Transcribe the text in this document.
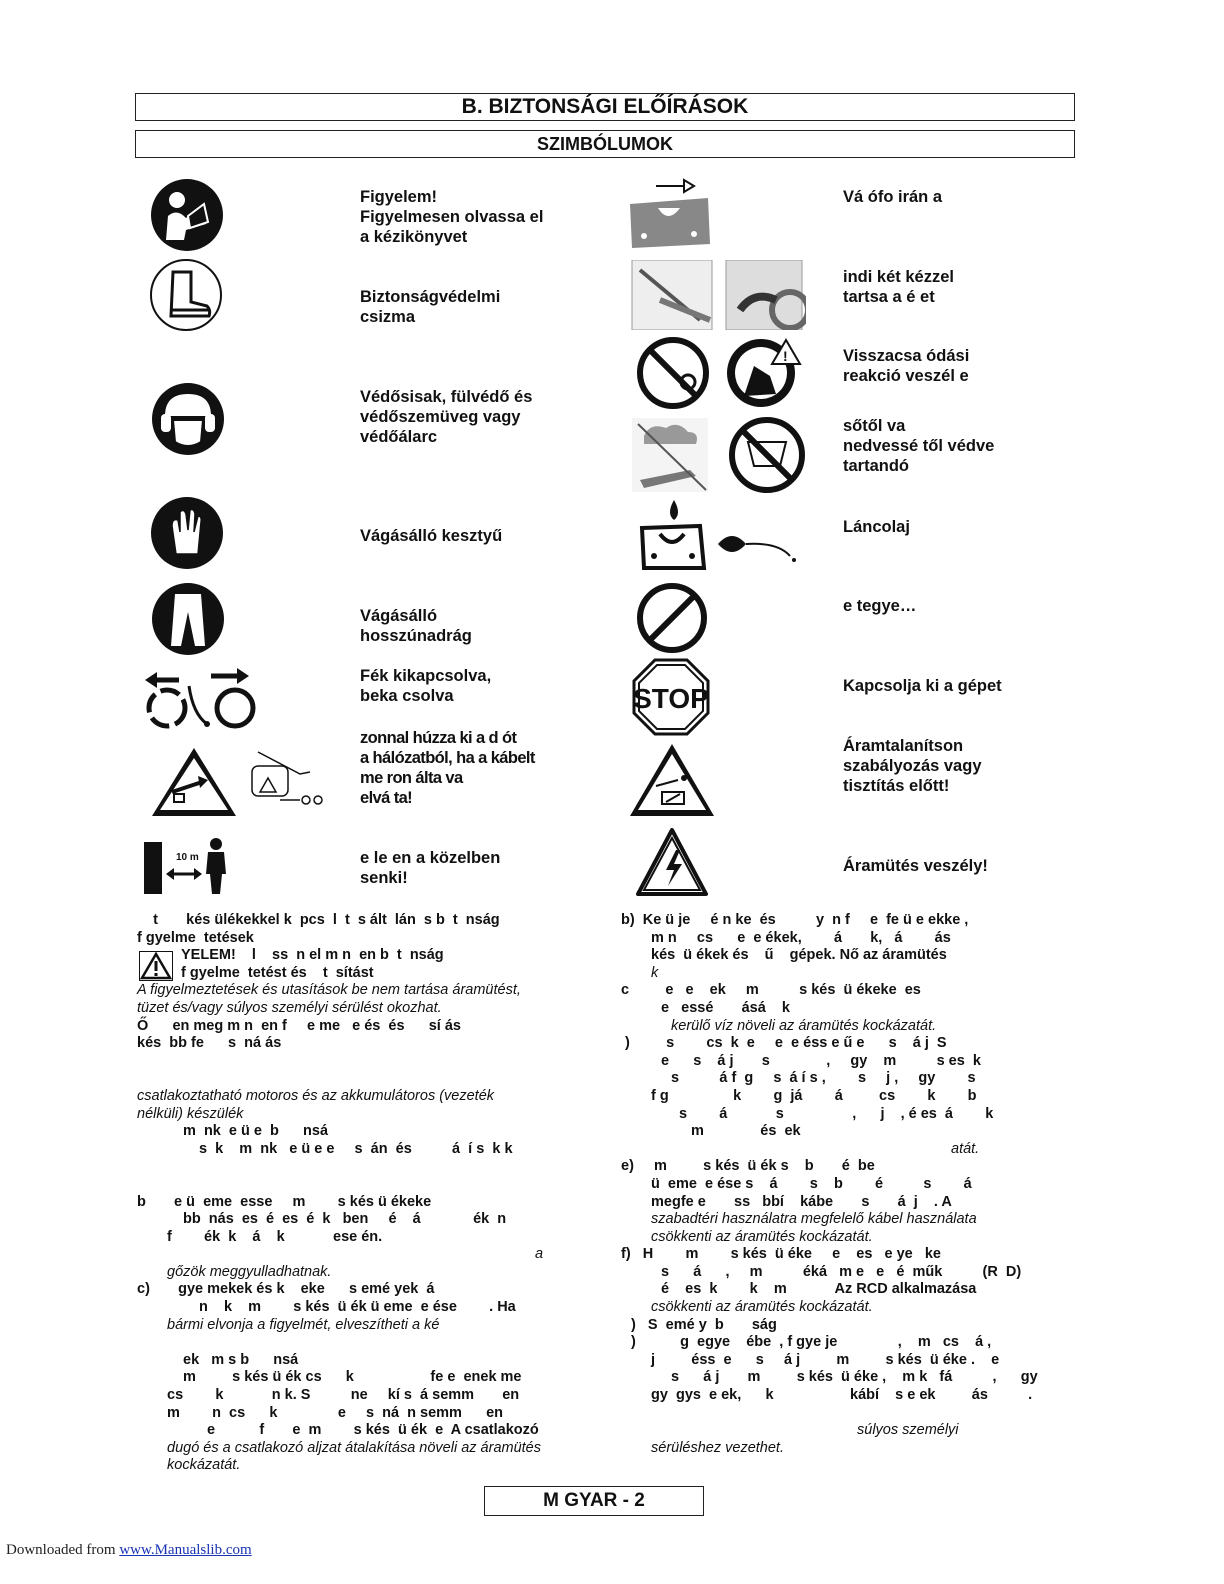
B. BIZTONSÁGI ELŐÍRÁSOK
SZIMBÓLUMOK
10 m
!
STOP
Figyelem!
Figyelmesen olvassa el
a kézikönyvet
Biztonságvédelmi
csizma
Védősisak, fülvédő és
védőszemüveg vagy
védőálarc
Vágásálló kesztyű
Vágásálló
hosszúnadrág
Fék kikapcsolva,
beka csolva
zonnal húzza ki a d ót
a hálózatból, ha a kábelt
me ron álta va
elvá ta!
e le en a közelben
senki!
Vá ófo irán a
indi két kézzel
tartsa a é et
Visszacsa ódási
reakció veszél e
sőtől va
nedvessé től védve
tartandó
Láncolaj
e tegye…
Kapcsolja ki a gépet
Áramtalanítson
szabályozás vagy
tisztítás előtt!
Áramütés veszély!
t       kés ülékekkel k  pcs  l  t  s ált  lán  s b  t  nság
f gyelme  tetések
YELEM!    l    ss  n el m n  en b  t  nság
f gyelme  tetést és    t  sítást
A figyelmeztetések és utasítások be nem tartása áramütést,
tüzet és/vagy súlyos személyi sérülést okozhat.
Ő      en meg m n  en f     e me   e és  és      sí ás
kés  bb fe      s  ná ás

csatlakoztatható motoros és az akkumulátoros (vezeték
nélküli) készülék
m  nk  e ü e  b      nsá
s  k    m  nk   e ü e e     s  án  és          á  í s  k k

b       e ü  eme  esse     m        s kés ü ékeke
bb  nás  es  é  es  é  k   ben     é    á             ék  n
f        ék  k    á    k            ese én.
a
gőzök meggyulladhatnak.
c)       gye mekek és k    eke      s emé yek  á
n    k    m        s kés  ü ék ü eme  e ése        . Ha
bármi elvonja a figyelmét, elveszítheti a ké

ek   m s b      nsá
m         s kés ü ék cs      k                   fe e  enek me
cs        k            n k. S          ne     kí s  á semm       en
m        n  cs      k               e     s  ná  n semm      en
e           f       e  m        s kés  ü ék  e  A csatlakozó
dugó és a csatlakozó aljzat átalakítása növeli az áramütés
kockázatát.
b)  Ke ü je     é n ke  és          y  n f     e  fe ü e ekke ,
m n     cs      e  e ékek,        á       k,   á        ás
kés  ü ékek és    ű    gépek. Nő az áramütés
k
c         e   e    ek     m          s kés  ü ékeke  es
e   essé       ásá    k
kerülő víz növeli az áramütés kockázatát.
)         s        cs  k  e     e  e éss e ű e      s    á j  S
e      s    á j       s              ,     gy    m          s es  k
s          á f  g     s  á í s ,        s     j ,     gy        s
f g                k        g  já        á         cs        k        b
s        á            s                 ,      j    , é es  á        k
m              és  ek
atát.
e)     m         s kés  ü ék s    b       é  be
ü  eme  e ése s    á        s    b        é          s        á
megfe e       ss   bbí    kábe       s       á  j    . A
szabadtéri használatra megfelelő kábel használata
csökkenti az áramütés kockázatát.
f)   H        m        s kés  ü éke     e    es   e ye   ke
s      á      ,     m          éká   m e   e   é  műk          (R  D)
é    es  k        k    m            Az RCD alkalmazása
csökkenti az áramütés kockázatát.
)   S  emé y  b       ság
)           g  egye    ébe  , f gye je               ,    m   cs    á ,
j         éss  e      s     á j         m         s kés  ü éke .    e
s      á j       m         s kés  ü éke ,    m k   fá          ,      gy
gy  gys  e ek,      k                   kábí    s e ek         ás          .

súlyos személyi
sérüléshez vezethet.
M GYAR - 2
Downloaded from www.Manualslib.com
